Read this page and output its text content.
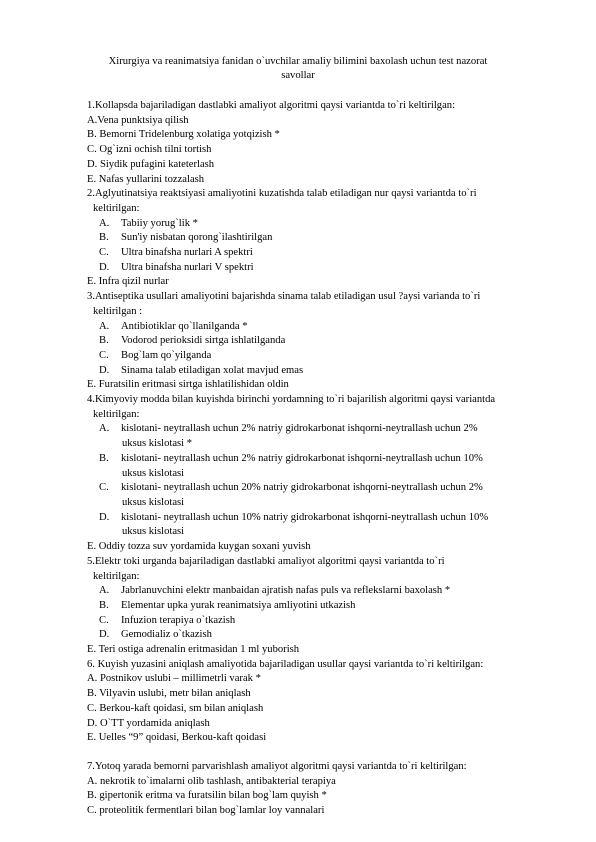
Xirurgiya va reanimatsiya fanidan o`uvchilar amaliy bilimini baxolash uchun test nazorat
savollar
1.Kollapsda bajariladigan dastlabki amaliyot algoritmi qaysi variantda to`ri keltirilgan:
A.Vena punktsiya qilish
B. Bemorni Tridelenburg xolatiga yotqizish *
C. Og`izni ochish tilni tortish
D. Siydik pufagini kateterlash
E. Nafas yullarini tozzalash
2.Aglyutinatsiya reaktsiyasi amaliyotini kuzatishda talab etiladigan nur qaysi variantda to`ri
keltirilgan:
A.	Tabiiy yorug`lik *
B.	Sun'iy nisbatan qorong`ilashtirilgan
C.	Ultra binafsha nurlari A spektri
D.	Ultra binafsha nurlari V spektri
E. Infra qizil nurlar
3.Antiseptika usullari amaliyotini bajarishda sinama talab etiladigan usul ?aysi varianda to`ri
keltirilgan :
A.	Antibiotiklar qo`llanilganda *
B.	Vodorod perioksidi sirtga ishlatilganda
C.	Bog`lam qo`yilganda
D.	Sinama talab etiladigan xolat mavjud emas
E. Furatsilin eritmasi sirtga ishlatilishidan oldin
4.Kimyoviy modda bilan kuyishda birinchi yordamning to`ri bajarilish algoritmi qaysi variantda
keltirilgan:
A.	kislotani- neytrallash uchun 2% natriy gidrokarbonat ishqorni-neytrallash uchun 2%
uksus kislotasi *
B.	kislotani- neytrallash uchun 2% natriy gidrokarbonat ishqorni-neytrallash uchun 10%
uksus kislotasi
C.	kislotani- neytrallash uchun 20% natriy gidrokarbonat ishqorni-neytrallash uchun 2%
uksus kislotasi
D.	kislotani- neytrallash uchun 10% natriy gidrokarbonat ishqorni-neytrallash uchun 10%
uksus kislotasi
E. Oddiy tozza suv yordamida kuygan soxani yuvish
5.Elektr toki urganda bajariladigan dastlabki amaliyot algoritmi qaysi variantda to`ri
keltirilgan:
A.	Jabrlanuvchini elektr manbaidan ajratish nafas puls va reflekslarni baxolash *
B.	Elementar upka yurak reanimatsiya amliyotini utkazish
C.	Infuzion terapiya o`tkazish
D.	Gemodializ o`tkazish
E. Teri ostiga adrenalin eritmasidan 1 ml yuborish
6. Kuyish yuzasini aniqlash amaliyotida bajariladigan usullar qaysi variantda to`ri keltirilgan:
A. Postnikov uslubi – millimetrli varak *
B. Vilyavin uslubi, metr bilan aniqlash
C. Berkou-kaft qoidasi, sm bilan aniqlash
D. O`TT yordamida aniqlash
E. Uelles “9” qoidasi, Berkou-kaft qoidasi
7.Yotoq yarada bemorni parvarishlash amaliyot algoritmi qaysi variantda to`ri keltirilgan:
A. nekrotik to`imalarni olib tashlash, antibakterial terapiya
B. gipertonik eritma va furatsilin bilan bog`lam quyish *
C. proteolitik fermentlari bilan bog`lamlar loy vannalari
